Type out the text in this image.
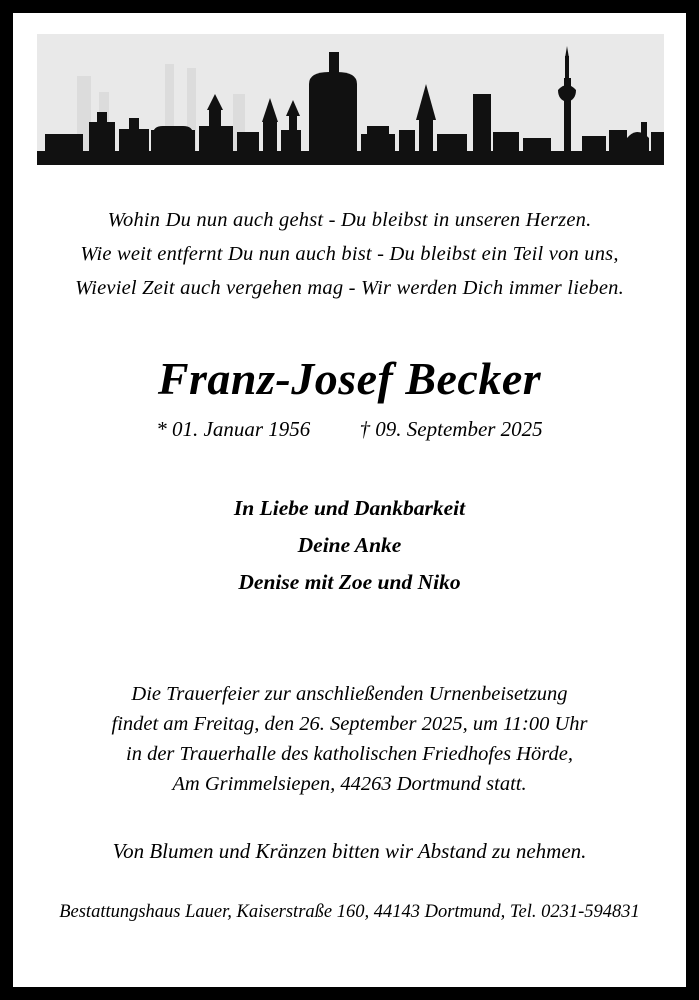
Wohin Du nun auch gehst - Du bleibst in unseren Herzen.
Wie weit entfernt Du nun auch bist - Du bleibst ein Teil von uns,
Wieviel Zeit auch vergehen mag - Wir werden Dich immer lieben.
Franz-Josef Becker
* 01. Januar 1956 † 09. September 2025
In Liebe und Dankbarkeit
Deine Anke
Denise mit Zoe und Niko
Die Trauerfeier zur anschließenden Urnenbeisetzung
findet am Freitag, den 26. September 2025, um 11:00 Uhr
in der Trauerhalle des katholischen Friedhofes Hörde,
Am Grimmelsiepen, 44263 Dortmund statt.
Von Blumen und Kränzen bitten wir Abstand zu nehmen.
Bestattungshaus Lauer, Kaiserstraße 160, 44143 Dortmund, Tel. 0231-594831
